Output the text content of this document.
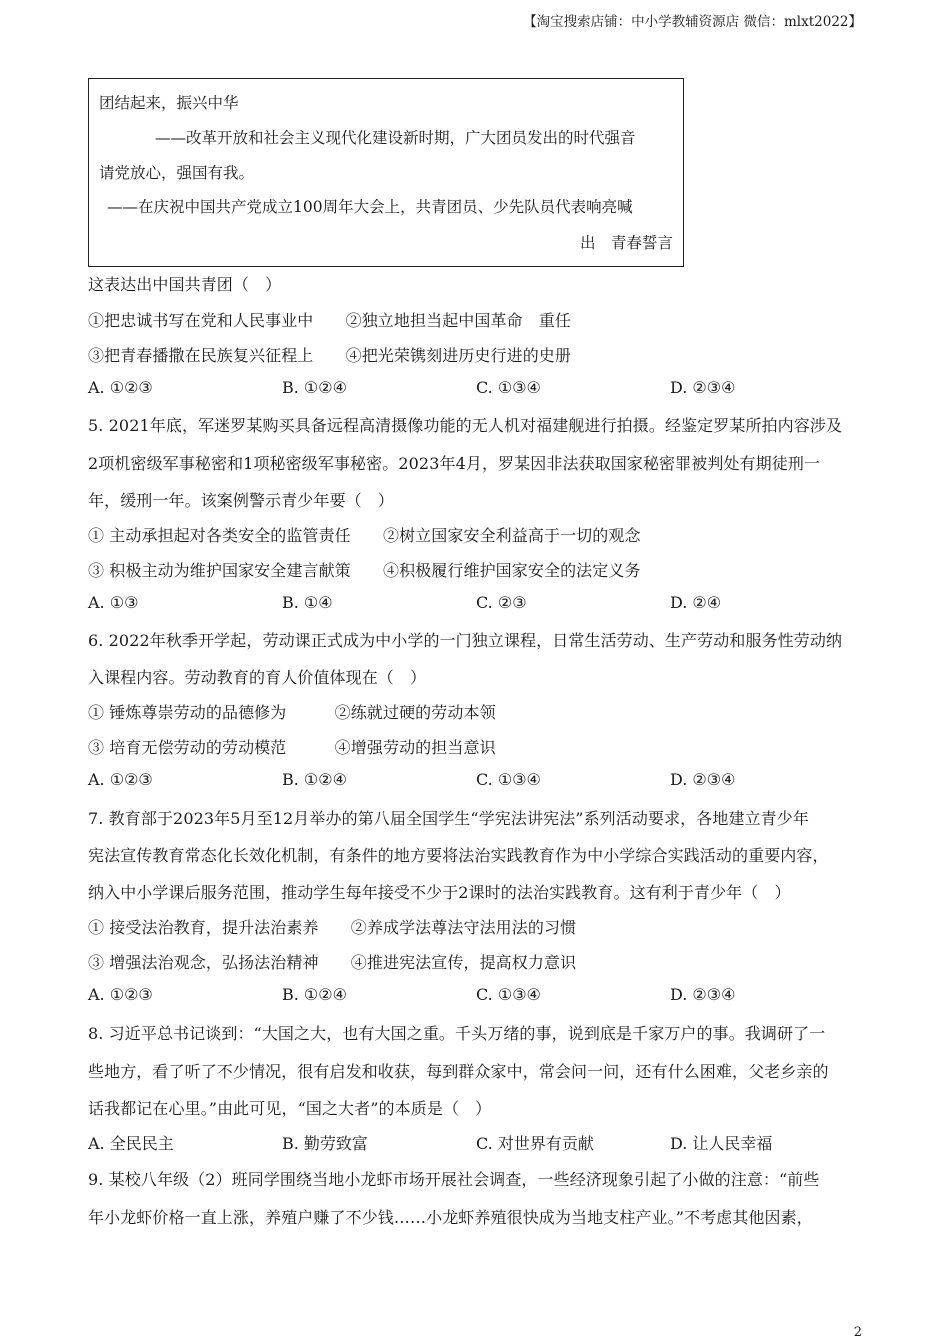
【淘宝搜索店铺：中小学教辅资源店 微信：mlxt2022】
团结起来，振兴中华
——改革开放和社会主义现代化建设新时期，广大团员发出的时代强音
请党放心，强国有我。
——在庆祝中国共产党成立100周年大会上，共青团员、少先队员代表响亮喊
出　青春誓言
这表达出中国共青团（　）
①把忠诚书写在党和人民事业中　　②独立地担当起中国革命　重任
③把青春播撒在民族复兴征程上　　④把光荣镌刻进历史行进的史册
A. ①②③	B. ①②④	C. ①③④	D. ②③④
5. 2021年底，军迷罗某购买具备远程高清摄像功能的无人机对福建舰进行拍摄。经鉴定罗某所拍内容涉及
2项机密级军事秘密和1项秘密级军事秘密。2023年4月，罗某因非法获取国家秘密罪被判处有期徒刑一
年，缓刑一年。该案例警示青少年要（　）
① 主动承担起对各类安全的监管责任　　②树立国家安全利益高于一切的观念
③ 积极主动为维护国家安全建言献策　　④积极履行维护国家安全的法定义务
A. ①③	B. ①④	C. ②③	D. ②④
6. 2022年秋季开学起，劳动课正式成为中小学的一门独立课程，日常生活劳动、生产劳动和服务性劳动纳
入课程内容。劳动教育的育人价值体现在（　）
① 锤炼尊崇劳动的品德修为　　　②练就过硬的劳动本领
③ 培育无偿劳动的劳动模范　　　④增强劳动的担当意识
A. ①②③	B. ①②④	C. ①③④	D. ②③④
7. 教育部于2023年5月至12月举办的第八届全国学生“学宪法讲宪法”系列活动要求，各地建立青少年
宪法宣传教育常态化长效化机制，有条件的地方要将法治实践教育作为中小学综合实践活动的重要内容，
纳入中小学课后服务范围，推动学生每年接受不少于2课时的法治实践教育。这有利于青少年（　）
① 接受法治教育，提升法治素养　　②养成学法尊法守法用法的习惯
③ 增强法治观念，弘扬法治精神　　④推进宪法宣传，提高权力意识
A. ①②③	B. ①②④	C. ①③④	D. ②③④
8. 习近平总书记谈到：“大国之大，也有大国之重。千头万绪的事，说到底是千家万户的事。我调研了一
些地方，看了听了不少情况，很有启发和收获，每到群众家中，常会问一问，还有什么困难，父老乡亲的
话我都记在心里。”由此可见，“国之大者”的本质是（　）
A. 全民民主	B. 勤劳致富	C. 对世界有贡献	D. 让人民幸福
9. 某校八年级（2）班同学围绕当地小龙虾市场开展社会调查，一些经济现象引起了小做的注意：“前些
年小龙虾价格一直上涨，养殖户赚了不少钱……小龙虾养殖很快成为当地支柱产业。”不考虑其他因素，
2
